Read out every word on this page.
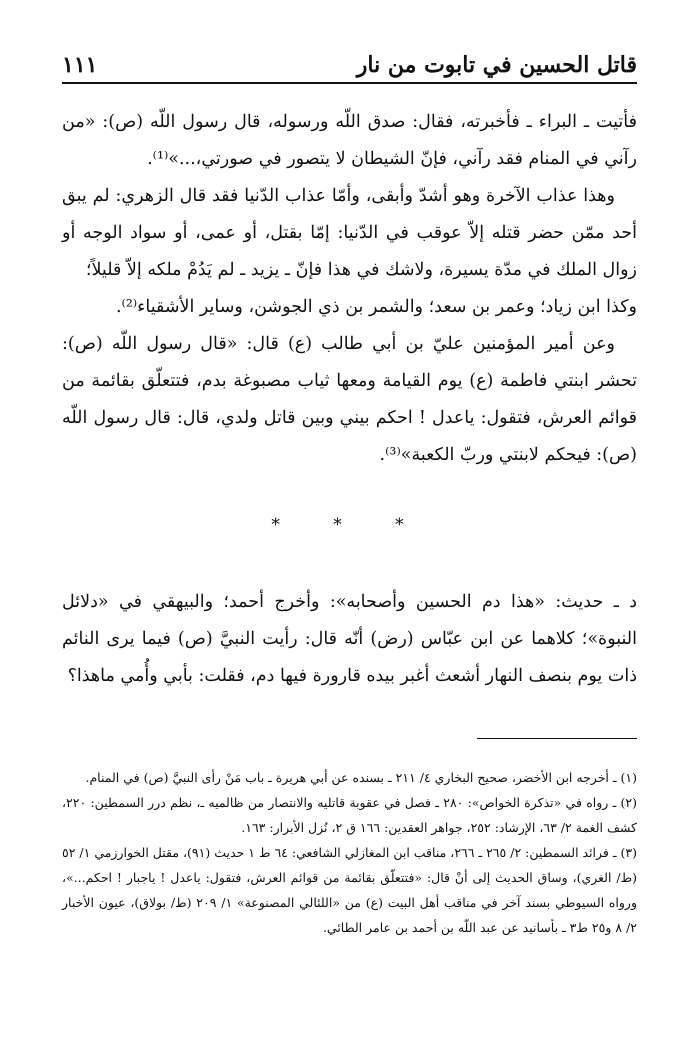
قاتل الحسين في تابوت من نار
١١١

فأتيت ـ البراء ـ فأخبرته، فقال: صدق اللّه ورسوله، قال رسول اللّه (ص): «من رآني في المنام فقد رآني، فإنّ الشيطان لا يتصور في صورتي،...»⁽¹⁾.

وهذا عذاب الآخرة وهو أشدّ وأبقى، وأمّا عذاب الدّنيا فقد قال الزهري: لم يبق أحد ممّن حضر قتله إلاّ عوقب في الدّنيا: إمّا بقتل، أو عمى، أو سواد الوجه أو زوال الملك في مدّة يسيرة، ولاشك في هذا فإنّ ـ يزيد ـ لم يَدُمْ ملكه إلاّ قليلاً؛

وكذا ابن زياد؛ وعمر بن سعد؛ والشمر بن ذي الجوشن، وساير الأشقياء⁽²⁾.

وعن أمير المؤمنين عليّ بن أبي طالب (ع) قال: «قال رسول اللّه (ص): تحشر ابنتي فاطمة (ع) يوم القيامة ومعها ثياب مصبوغة بدم، فتتعلّق بقائمة من قوائم العرش، فتقول: ياعدل ! احكم بيني وبين قاتل ولدي، قال: قال رسول اللّه (ص): فيحكم لابنتي وربّ الكعبة»⁽³⁾.

* * *

د ـ حديث: «هذا دم الحسين وأصحابه»: وأخرج أحمد؛ والبيهقي في «دلائل النبوة»؛ كلاهما عن ابن عبّاس (رض) أنّه قال: رأيت النبيَّ (ص) فيما يرى النائم ذات يوم بنصف النهار أشعث أغبر بيده قارورة فيها دم، فقلت: بأبي وأُمي ماهذا؟

(١) ـ أخرجه ابن الأخضر، صحيح البخاري ٤/ ٢١١ ـ بسنده عن أبي هريرة ـ باب مَنْ رأى النبيَّ (ص) في المنام.

(٢) ـ رواه في «تذكرة الخواص»: ٢٨٠ ـ فصل في عقوبة قاتليه والانتصار من ظالميه ـ، نظم درر السمطين: ٢٢٠، كشف الغمة ٢/ ٦٣، الإرشاد: ٢٥٢، جواهر العقدين: ١٦٦ ق ٢، نُزل الأبرار: ١٦٣.

(٣) ـ فرائد السمطين: ٢/ ٢٦٥ ـ ٢٦٦، مناقب ابن المغازلي الشافعي: ٦٤ ط ١ حديث (٩١)، مقتل الخوارزمي ١/ ٥٢ (ط/ الغري)، وساق الحديث إلى أنْ قال: «فتتعلّق بقائمة من قوائم العرش، فتقول: ياعدل ! ياجبار ! احكم...»، ورواه السيوطي بسند آخر في مناقب أهل البيت (ع) من «اللئالي المصنوعة» ١/ ٢٠٩ (ط/ بولاق)، عيون الأخبار ٢/ ٨ و٢٥ ط٣ ـ بأسانيد عن عبد اللّه بن أحمد بن عامر الطائي.
